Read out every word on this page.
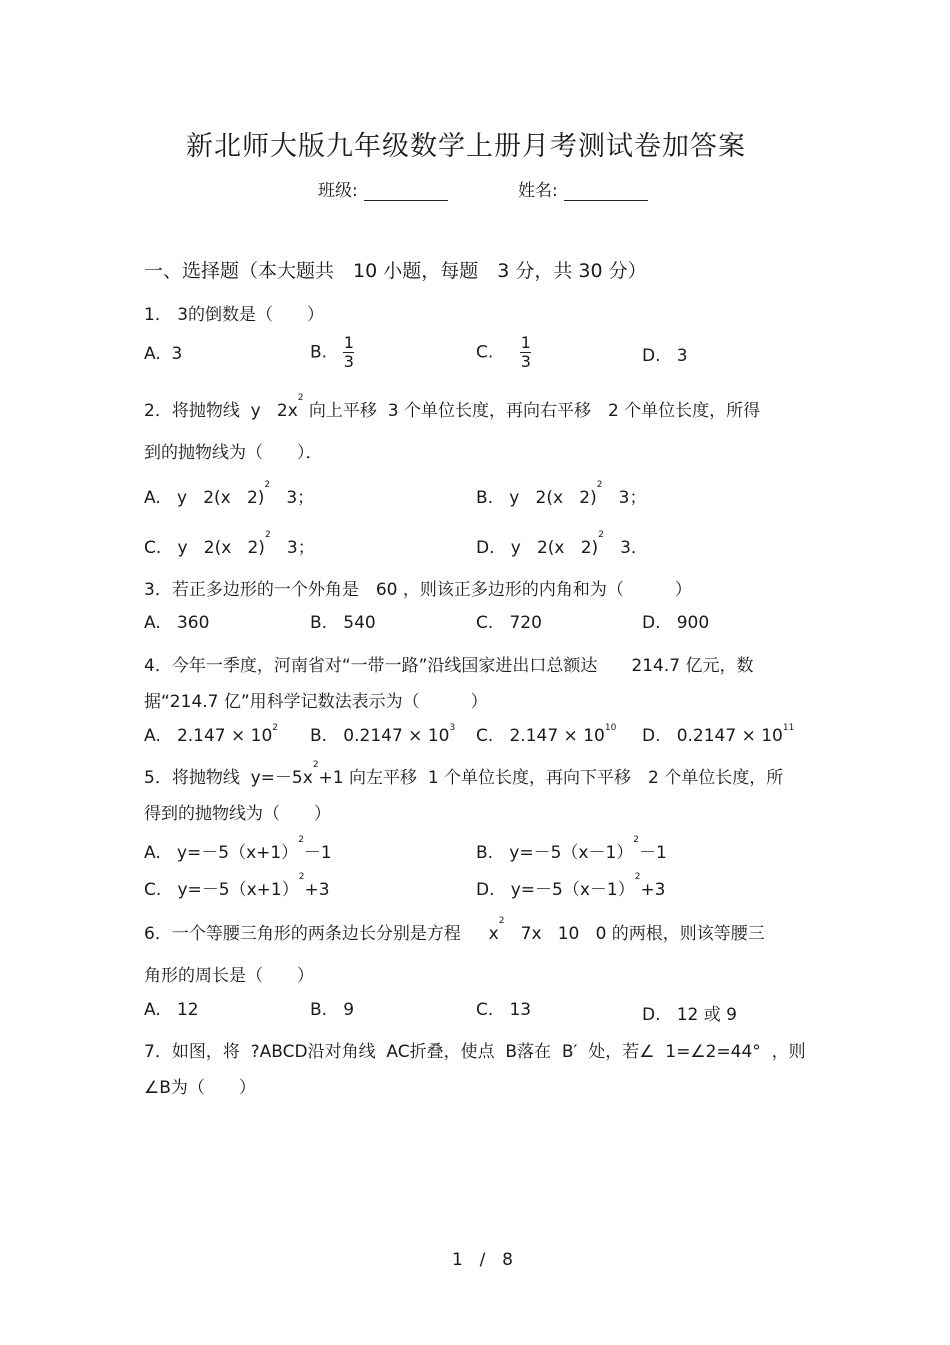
新北师大版九年级数学上册月考测试卷加答案
班级:	姓名:
一、选择题（本大题共　10 小题，每题　3 分，共 30 分）
1． 3的倒数是（　　）
A. 3	B. $\frac{1}{3}$	C. $\frac{1}{3}$	D. 3
2．将抛物线  y   $2x^2$ 向上平移  3 个单位长度，再向右平移　2 个单位长度，所得
到的抛物线为（　　）．
A.   y   2(x   2)$^2$   3；	B.   y   2(x   2)$^2$   3；
C.   y   2(x   2)$^2$   3；	D.   y   2(x   2)$^2$   3．
3．若正多边形的一个外角是　60 ，则该正多边形的内角和为（　　　）
A.   360	B.   540	C.   720	D.   900
4．今年一季度，河南省对“一带一路”沿线国家进出口总额达　　214.7 亿元，数
据“214.7 亿”用科学记数法表示为（　　　）
A.   $2.147 \times 10^2$ B.   $0.2147 \times 10^3$ C.   $2.147 \times 10^{10}$ D.   $0.2147 \times 10^{11}$
5．将抛物线  $y=-5x^2+1$ 向左平移  1 个单位长度，再向下平移　2 个单位长度，所
得到的抛物线为（　　）
A.   $y=-5(x+1)^2-1$	B.   $y=-5(x-1)^2-1$
C.   $y=-5(x+1)^2+3$	D.   $y=-5(x-1)^2+3$
6．一个等腰三角形的两条边长分别是方程　  $x^2$   7x   10   0 的两根，则该等腰三
角形的周长是（　　）
A.   12	B.   9	C.   13	D.   12 或 9
7．如图，将  ?ABCD沿对角线  AC折叠，使点  B落在  B′  处，若∠  1=∠2=44°  ，则
∠B为（　　）
1  /  8
